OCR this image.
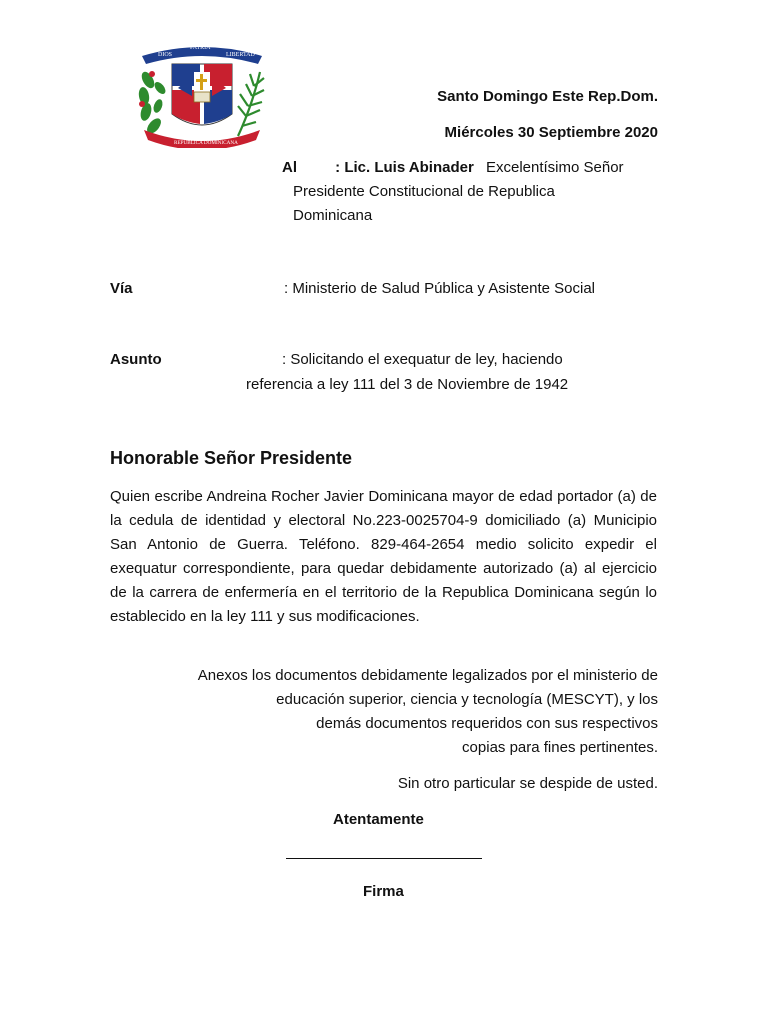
DIOS
PATRIA
LIBERTAD
REPUBLICA DOMINICANA
Santo Domingo Este Rep.Dom.
Miércoles 30 Septiembre 2020
Al	: Lic. Luis Abinader Excelentísimo Señor
Presidente Constitucional de Republica
Dominicana
Vía	: Ministerio de Salud Pública y Asistente Social
Asunto	: Solicitando el exequatur de ley, haciendo
referencia a ley 111 del 3 de Noviembre de 1942
Honorable Señor Presidente
Quien escribe Andreina Rocher Javier Dominicana mayor de edad portador (a) de la cedula de identidad y electoral No.223-0025704-9 domiciliado (a) Municipio San Antonio de Guerra. Teléfono. 829-464-2654 medio solicito expedir el exequatur correspondiente, para quedar debidamente autorizado (a) al ejercicio de la carrera de enfermería en el territorio de la Republica Dominicana según lo establecido en la ley 111 y sus modificaciones.
Anexos los documentos debidamente legalizados por el ministerio de
educación superior, ciencia y tecnología (MESCYT), y los
demás documentos requeridos con sus respectivos
copias para fines pertinentes.
Sin otro particular se despide de usted.
Atentamente
Firma
